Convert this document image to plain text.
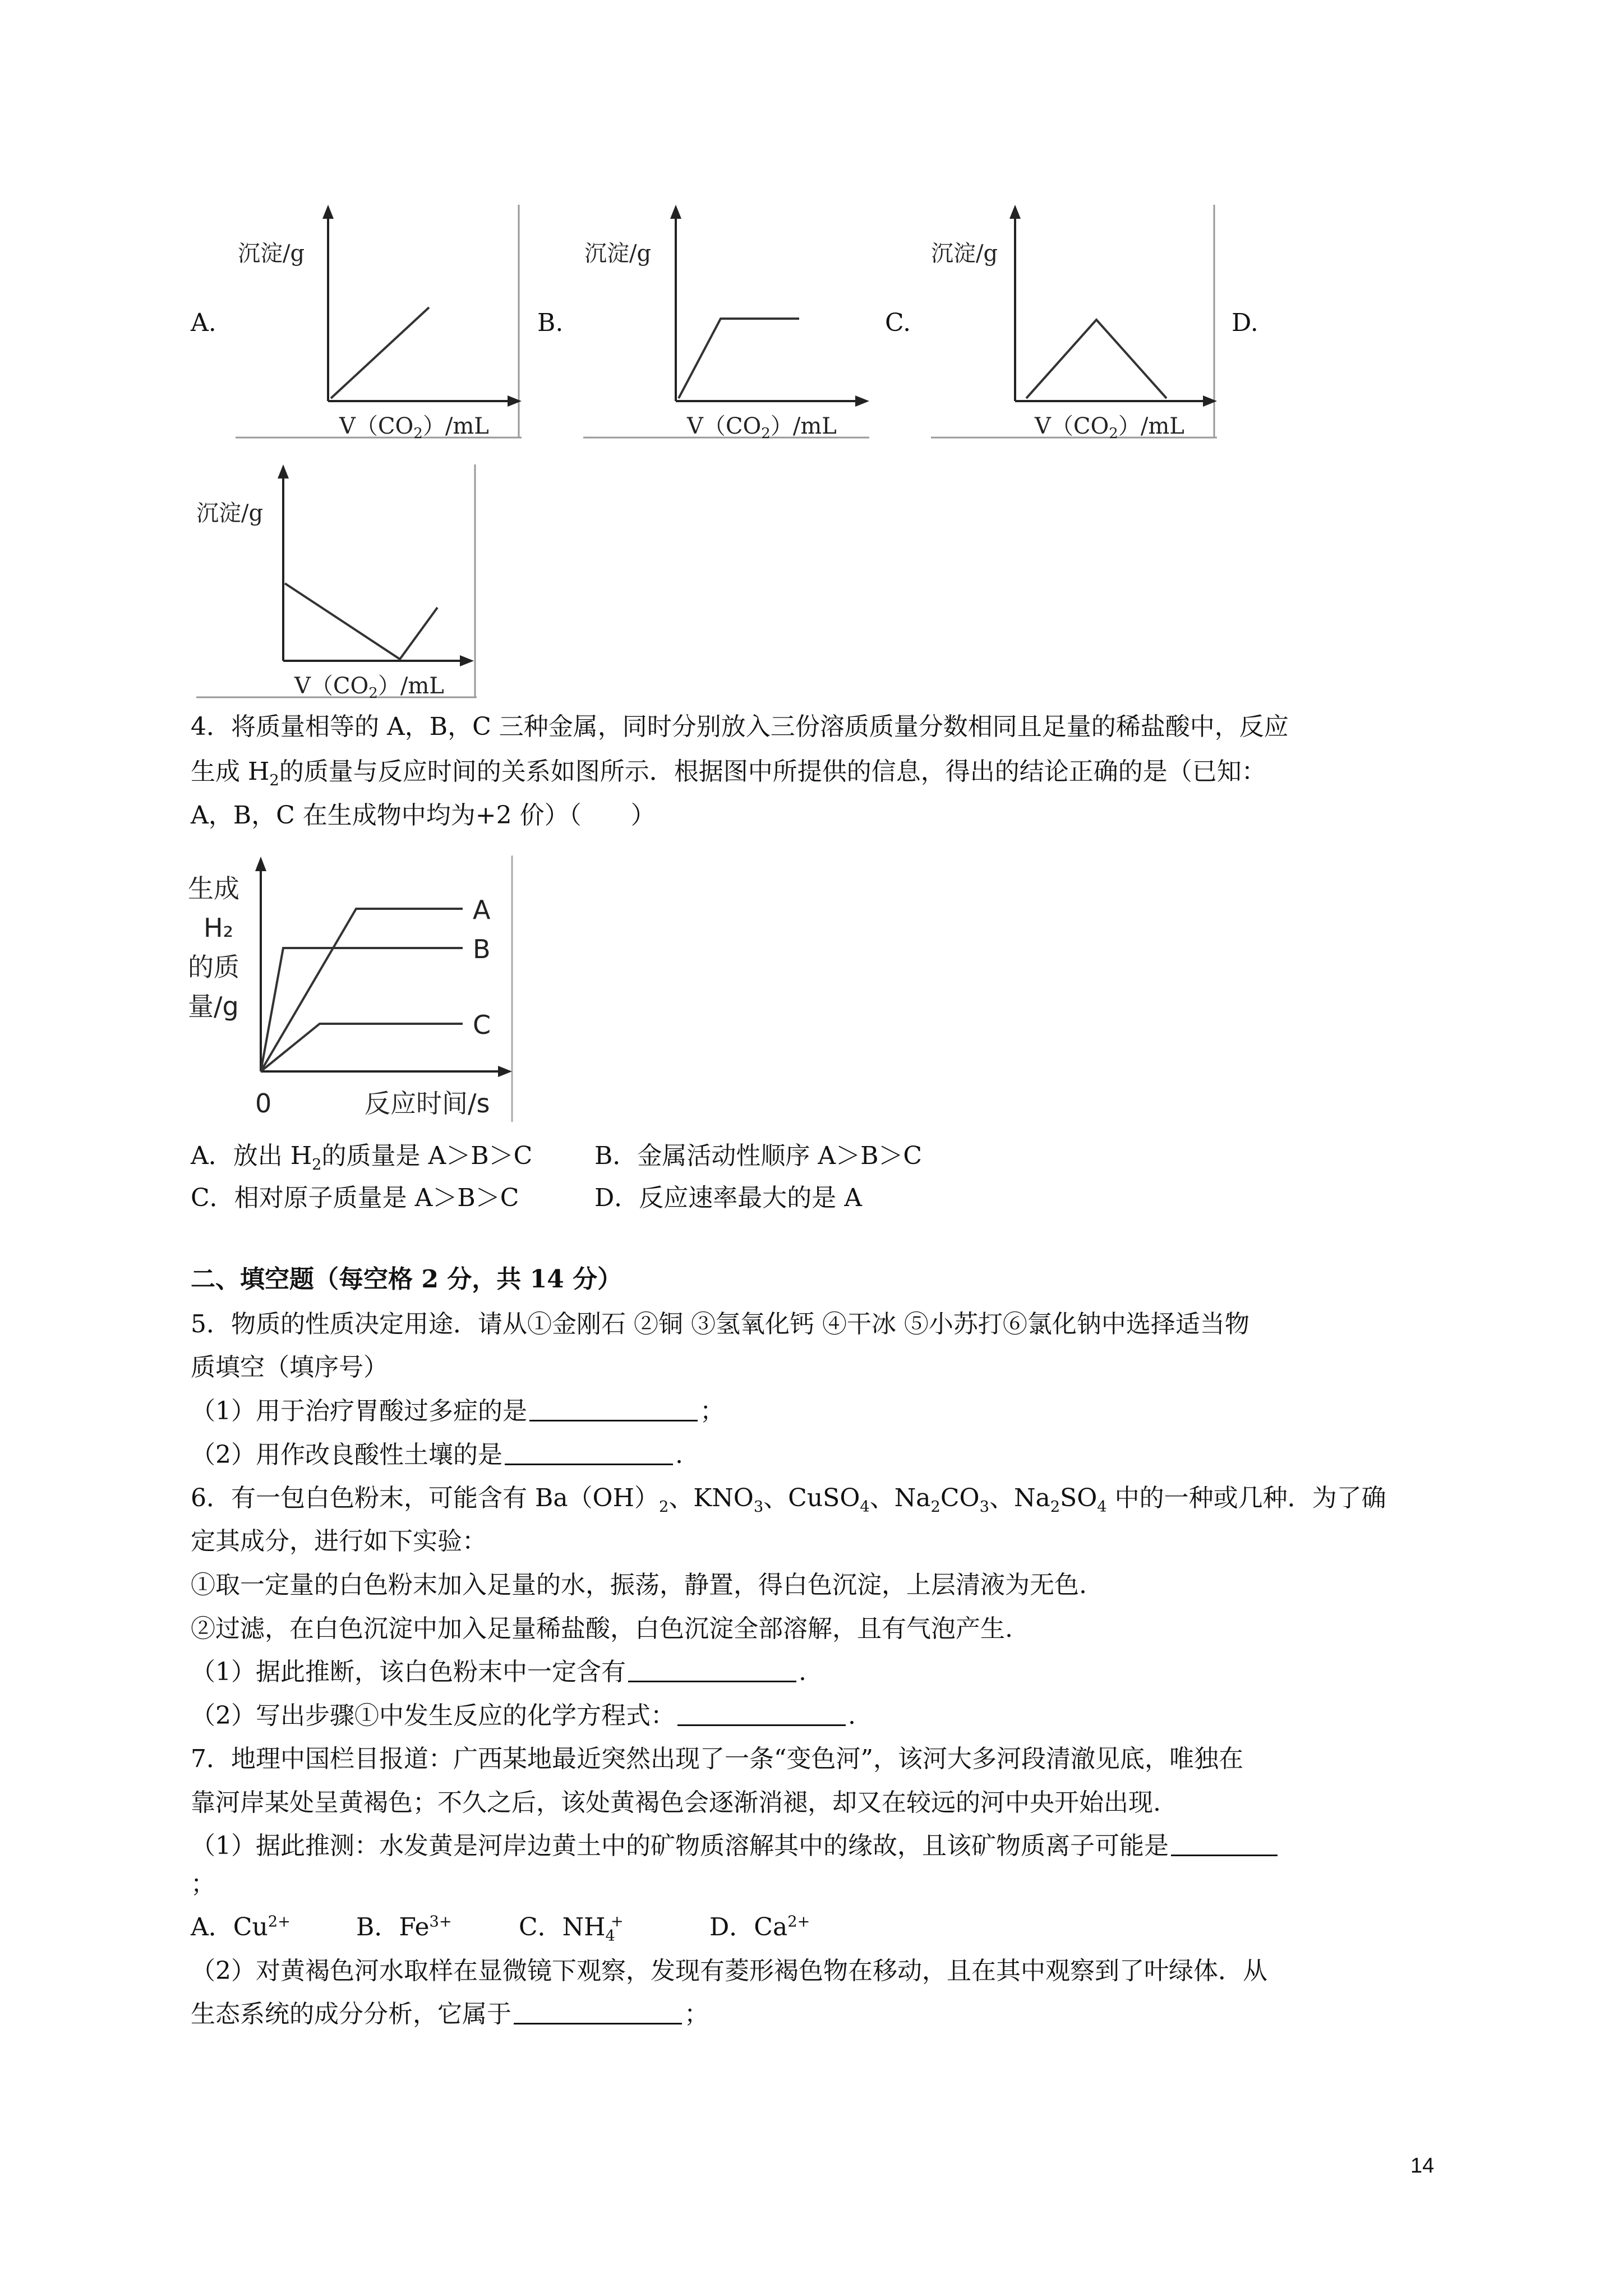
A.	B.	C.	D.
沉淀/g
$V(CO_2)/mL$
沉淀/g
$V(CO_2)/mL$
沉淀/g
$V(CO_2)/mL$
沉淀/g
$V(CO_2)/mL$
4．将质量相等的 A，B，C 三种金属，同时分别放入三份溶质质量分数相同且足量的稀盐酸中，反应
生成 $H_2$的质量与反应时间的关系如图所示．根据图中所提供的信息，得出的结论正确的是（已知：
A，B，C 在生成物中均为+2 价）（　　）
A
B
C
生成
H₂
的质
量/g
0	反应时间/s
A．放出 $H_2$的质量是 A＞B＞C	B．金属活动性顺序 A＞B＞C
C．相对原子质量是 A＞B＞C	D．反应速率最大的是 A
二、填空题（每空格 2 分，共 14 分）
5．物质的性质决定用途．请从①金刚石 ②铜 ③氢氧化钙 ④干冰 ⑤小苏打⑥氯化钠中选择适当物
质填空（填序号）
（1）用于治疗胃酸过多症的是	；
（2）用作改良酸性土壤的是	.
6．有一包白色粉末，可能含有 $Ba(OH)_2$、$KNO_3$、CuSO$_4$、$Na_2CO_3$、$Na_2SO_4$ 中的一种或几种．为了确
定其成分，进行如下实验：
①取一定量的白色粉末加入足量的水，振荡，静置，得白色沉淀，上层清液为无色.
②过滤，在白色沉淀中加入足量稀盐酸，白色沉淀全部溶解，且有气泡产生.
（1）据此推断，该白色粉末中一定含有	.
（2）写出步骤①中发生反应的化学方程式：	.
7．地理中国栏目报道：广西某地最近突然出现了一条“变色河”，该河大多河段清澈见底，唯独在
靠河岸某处呈黄褐色；不久之后，该处黄褐色会逐渐消褪，却又在较远的河中央开始出现.
（1）据此推测：水发黄是河岸边黄土中的矿物质溶解其中的缘故，且该矿物质离子可能是
；
A．$Cu^{2+}$	B．$Fe^{3+}$	C．$NH_4^+$	D．$Ca^{2+}$
（2）对黄褐色河水取样在显微镜下观察，发现有菱形褐色物在移动，且在其中观察到了叶绿体．从
生态系统的成分分析，它属于	；
14
